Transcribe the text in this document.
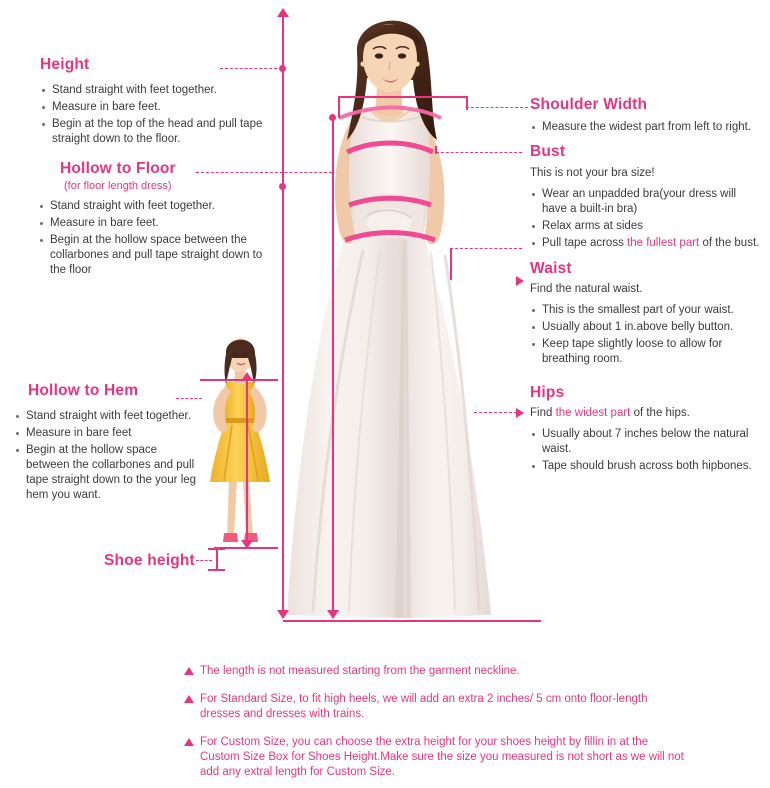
Height
Stand straight with feet together.
Measure in bare feet.
Begin at the top of the head and pull tape straight down to the floor.
Hollow to Floor
(for floor length dress)
Stand straight with feet together.
Measure in bare feet.
Begin at the hollow space between the collarbones and pull tape straight down to the floor
Hollow to Hem
Stand straight with feet together.
Measure in bare feet
Begin at the hollow space between the collarbones and pull tape straight down to the your leg hem you want.
Shoe height
Shoulder Width
Measure the widest part from left to right.
Bust
This is not your bra size!
Wear an unpadded bra(your dress will have a built-in bra)
Relax arms at sides
Pull tape across the fullest part of the bust.
Waist
Find the natural waist.
This is the smallest part of your waist.
Usually about 1 in.above belly button.
Keep tape slightly loose to allow for breathing room.
Hips
Find the widest part of the hips.
Usually about 7 inches below the natural waist.
Tape should brush across both hipbones.
The length is not measured starting from the garment neckline.
For Standard Size, to fit high heels, we will add an extra 2 inches/ 5 cm onto floor-length dresses and dresses with trains.
For Custom Size, you can choose the extra height for your shoes height by fillin in at the Custom Size Box for Shoes Height.Make sure the size you measured is not short as we will not add any extral length for Custom Size.
